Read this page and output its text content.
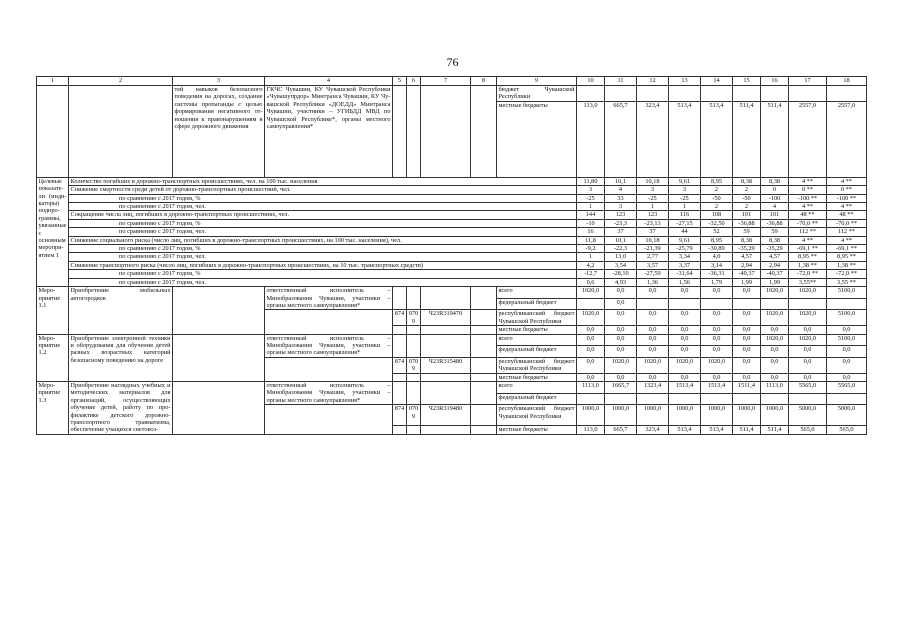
76
1	2	3	4	5	6	7	8	9	10	11	12	13	14	15	16	17	18
		тей навыков безопасного поведения на дорогах, создание системы пропаганды с целью формирования негативного отношения к правонарушениям в сфере дорожного движения	ГКЧС Чувашии, КУ Чувашской Республики «Чувашупрдор» Минтранса Чувашии, КУ Чувашской Республики «ДОЕДД» Минтранса Чувашии, участники – УГИБДД МВД по Чувашской Республике*, органы местного самоуправления*					бюджет Чувашской Республики									
								местные бюджеты	113,0	665,7	323,4	513,4	513,4	511,4	511,4	2557,0	2557,0
Целевые показатели (индикаторы) подпрограммы, увязанные с основным мероприятием 1	Количество погибших в дорожно-транспортных происшествиях, чел. на 100 тыс. населения								11,80	10,1	10,18	9,61	8,95	8,38	8,38	4 **	4 **
	Снижение смертности среди детей от дорожно-транспортных происшествий, чел.								3	4	3	3	2	2	0	0 **	0 **
	по сравнению с 2017 годом, %								-25	33	-25	-25	-50	-50	-100	-100 **	-100 **
	по сравнению с 2017 годом, чел.								1	3	1	1	2	2	4	4 **	4 **
	Сокращение числа лиц, погибших в дорожно-транспортных происшествиях, чел.								144	123	123	116	108	101	101	48 **	48 **
	по сравнению с 2017 годом, %								-10	-23,3	-23,13	-27,15	-32,50	-36,88	-36,88	-70,0 **	-70,0 **
	по сравнению с 2017 годом, чел.								16	37	37	44	52	59	59	112 **	112 **
	Снижение социального риска (число лиц, погибших в дорожно-транспортных происшествиях, на 100 тыс. населения), чел.								11,8	10,1	10,18	9,61	8,95	8,38	8,38	4 **	4 **
	по сравнению с 2017 годом, %								-9,2	-22,3	-21,39	-25,79	-30,89	-35,29	-35,29	-69,1 **	-69,1 **
	по сравнению с 2017 годом, чел.								1	13,0	2,77	3,34	4,0	4,57	4,57	8,95 **	8,95 **
	Снижение транспортного риска (число лиц, погибших в дорожно-транспортных происшествиях, на 10 тыс. транспортных средств)								4,2	3,54	3,57	3,37	3,14	2,94	2,94	1,38 **	1,38 **
	по сравнению с 2017 годом, %								-12,7	-28,10	-27,59	-31,64	-36,31	-40,37	-40,37	-72,0 **	-72,0 **
	по сравнению с 2017 годом, чел.								0,6	4,93	1,36	1,56	1,79	1,99	1,99	3,55**	3,55 **
Мероприятие 1.1	Приобретение мобильных автогородков		ответственный исполнитель – Минобразования Чувашии, участники – органы местного самоуправления*					всего	1020,0	0,0	0,0	0,0	0,0	0,0	1020,0	1020,0	5100,0
								федеральный бюджет		0,0							
				874	0709	Ч23R319470		республиканский бюджет Чувашской Республики	1020,0	0,0	0,0	0,0	0,0	0,0	1020,0	1020,0	5100,0
								местные бюджеты	0,0	0,0	0,0	0,0	0,0	0,0	0,0	0,0	0,0
Мероприятие 1.2	Приобретение электронной техники и оборудования для обучения детей разных возрастных категорий безопасному поведению на дороге		ответственный исполнитель – Минобразования Чувашии, участники – органы местного самоуправления*					всего	0,0	0,0	0,0	0,0	0,0	0,0	1020,0	1020,0	5100,0
								федеральный бюджет	0,0	0,0	0,0	0,0	0,0	0,0	0,0	0,0	0,0
				874	0709	Ч23R315480		республиканский бюджет Чувашской Республики	0,0	1020,0	1020,0	1020,0	1020,0	0,0	0,0	0,0	0,0
								местные бюджеты	0,0	0,0	0,0	0,0	0,0	0,0	0,0	0,0	0,0
Мероприятие 1.3	Приобретение наглядных учебных и методических материалов для организаций, осуществляющих обучение детей, работу по профилактике детского дорожно-транспортного травматизма, обеспечение учащихся световоз-		ответственный исполнитель – Минобразования Чувашии, участники – органы местного самоуправления*					всего	1113,0	1665,7	1323,4	1513,4	1513,4	1511,4	1113,0	5565,0	5565,0
								федеральный бюджет									
				874	0709	Ч23R319480		республиканский бюджет Чувашской Республики	1000,0	1000,0	1000,0	1000,0	1000,0	1000,0	1000,0	5000,0	5000,0
								местные бюджеты	113,0	665,7	323,4	513,4	513,4	511,4	511,4	565,0	565,0
